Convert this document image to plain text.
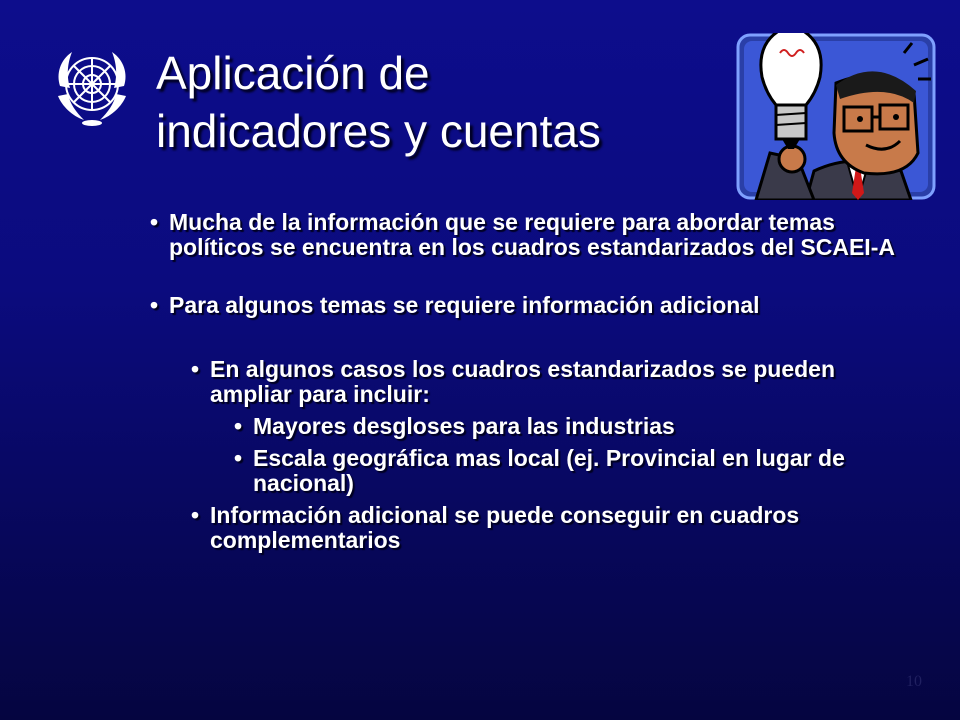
Aplicación de
indicadores y cuentas
• Mucha de la información que se requiere para abordar temas políticos se encuentra en los cuadros estandarizados del SCAEI-A
• Para algunos temas se requiere información adicional
• En algunos casos los cuadros estandarizados se pueden ampliar para incluir:
• Mayores desgloses para las industrias
• Escala geográfica mas local (ej. Provincial en lugar de nacional)
• Información adicional se puede conseguir en cuadros complementarios
10
